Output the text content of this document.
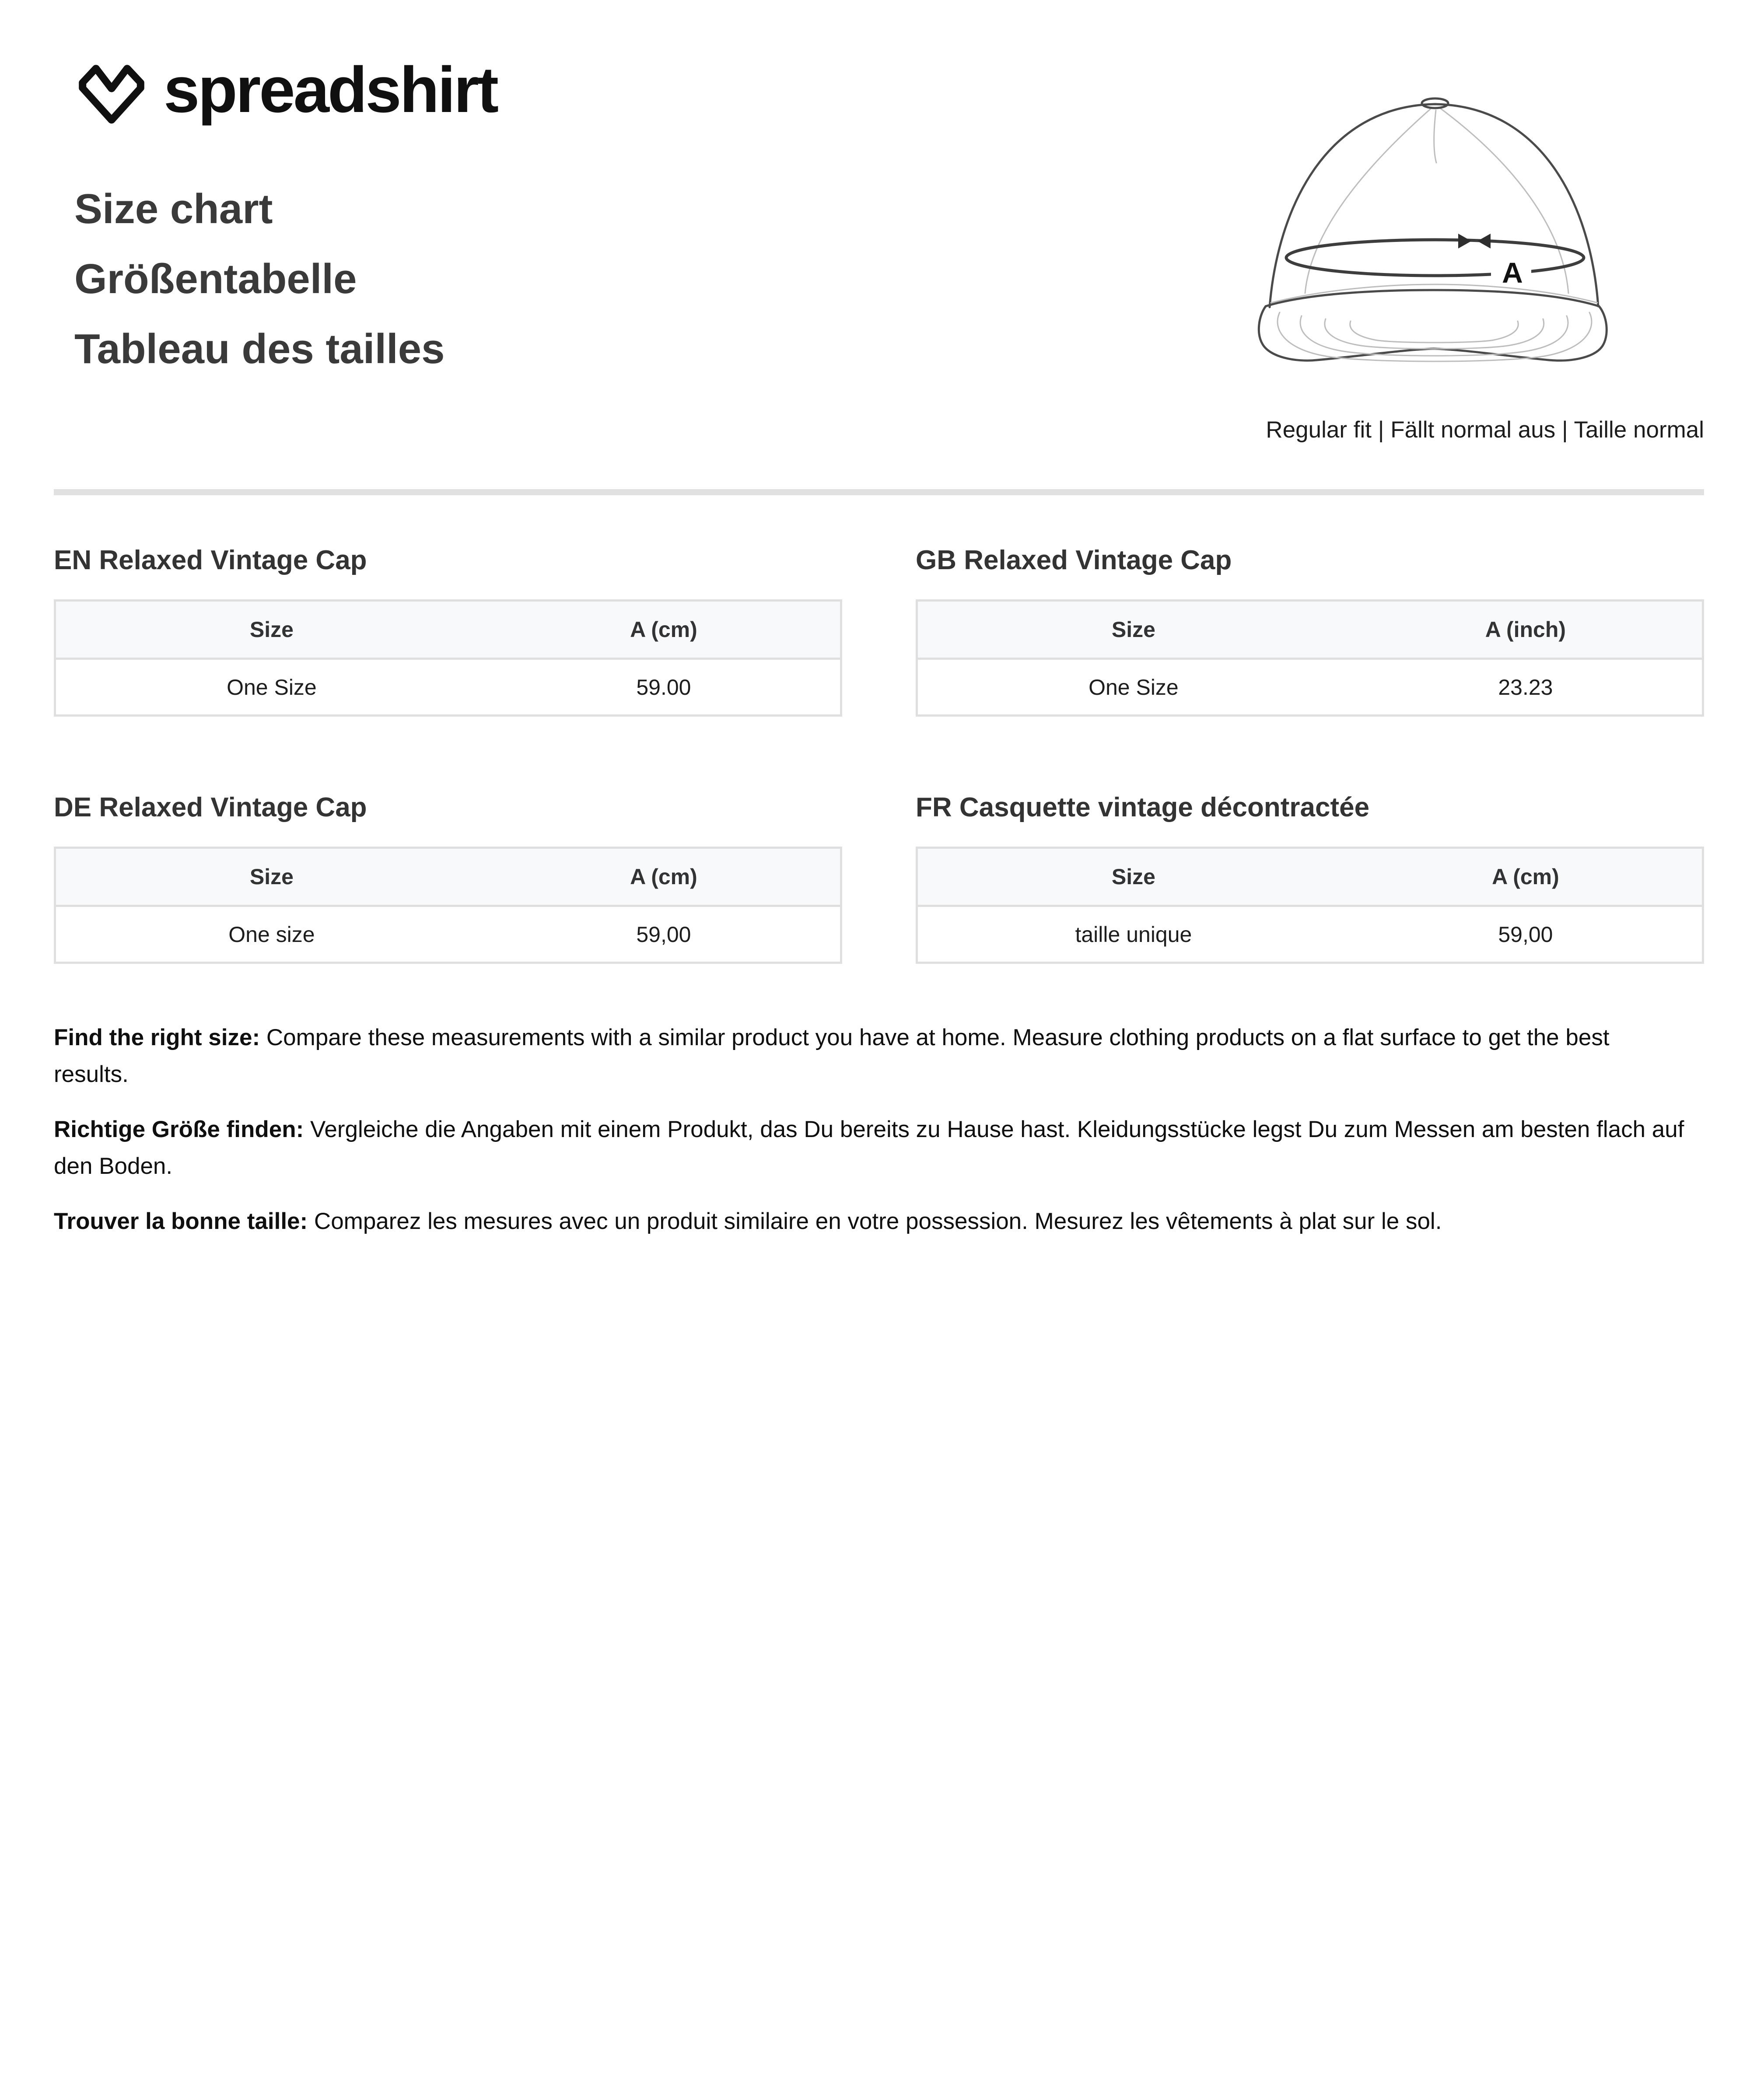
spreadshirt
Size chart
Größentabelle
Tableau des tailles
A
Regular fit | Fällt normal aus | Taille normal
EN Relaxed Vintage Cap
Size	A (cm)
One Size	59.00
GB Relaxed Vintage Cap
Size	A (inch)
One Size	23.23
DE Relaxed Vintage Cap
Size	A (cm)
One size	59,00
FR Casquette vintage décontractée
Size	A (cm)
taille unique	59,00

Find the right size: Compare these measurements with a similar product you have at home. Measure clothing products on a flat surface to get the best results.

Richtige Größe finden: Vergleiche die Angaben mit einem Produkt, das Du bereits zu Hause hast. Kleidungsstücke legst Du zum Messen am besten flach auf den Boden.

Trouver la bonne taille: Comparez les mesures avec un produit similaire en votre possession. Mesurez les vêtements à plat sur le sol.
